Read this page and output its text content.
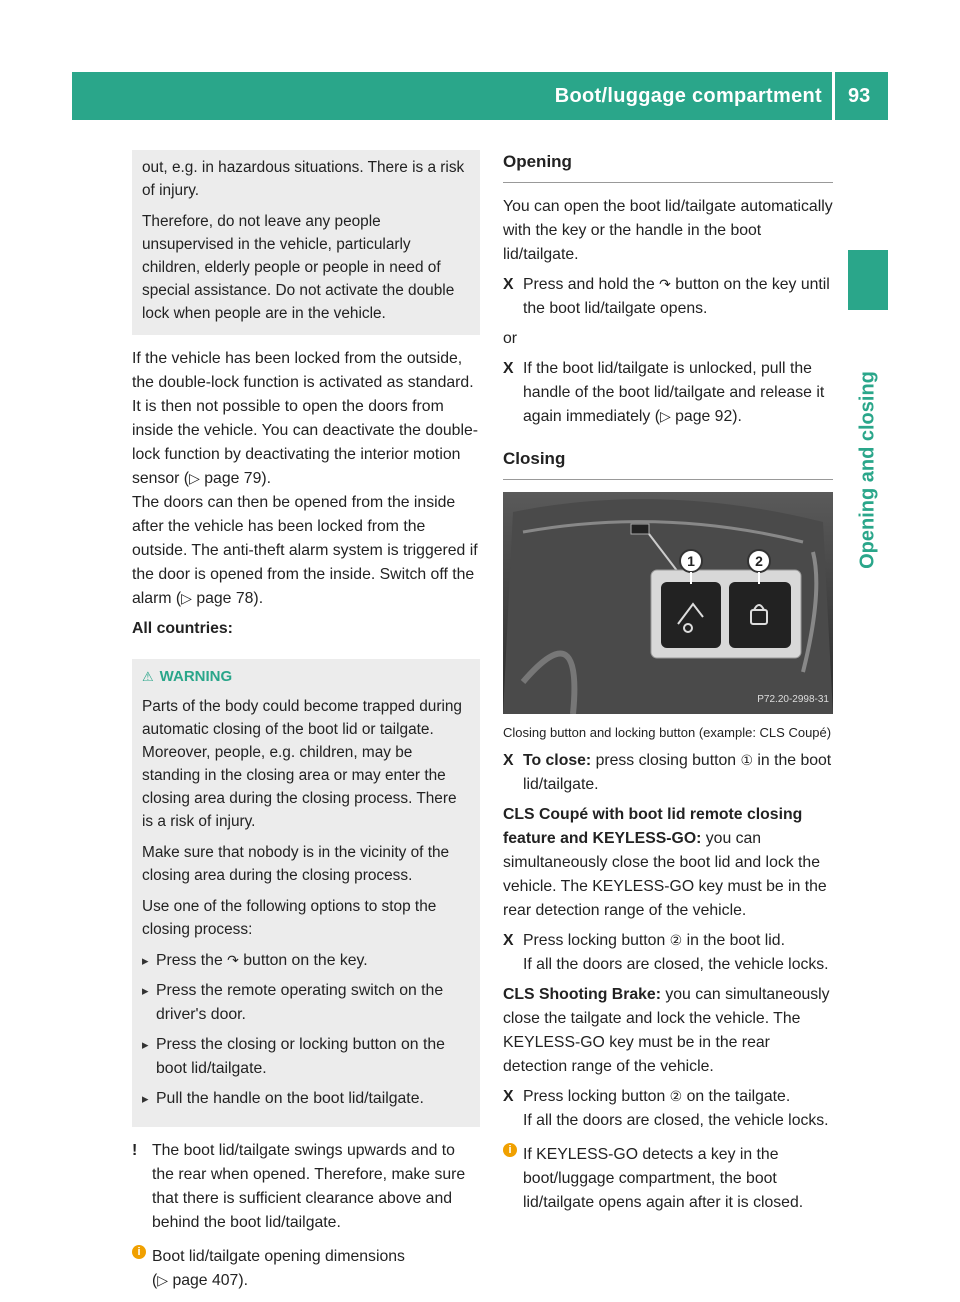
Boot/luggage compartment 93
Opening and closing

out, e.g. in hazardous situations. There is a risk of injury.

Therefore, do not leave any people unsupervised in the vehicle, particularly children, elderly people or people in need of special assistance. Do not activate the double lock when people are in the vehicle.

If the vehicle has been locked from the outside, the double-lock function is activated as standard. It is then not possible to open the doors from inside the vehicle. You can deactivate the double-lock function by deactivating the interior motion sensor (▷ page 79).

The doors can then be opened from the inside after the vehicle has been locked from the outside. The anti-theft alarm system is triggered if the door is opened from the inside. Switch off the alarm (▷ page 78).

All countries:

⚠ WARNING

Parts of the body could become trapped during automatic closing of the boot lid or tailgate. Moreover, people, e.g. children, may be standing in the closing area or may enter the closing area during the closing process. There is a risk of injury.

Make sure that nobody is in the vicinity of the closing area during the closing process.

Use one of the following options to stop the closing process:

▸ Press the ↷ button on the key.
▸ Press the remote operating switch on the driver's door.
▸ Press the closing or locking button on the boot lid/tailgate.
▸ Pull the handle on the boot lid/tailgate.
! The boot lid/tailgate swings upwards and to the rear when opened. Therefore, make sure that there is sufficient clearance above and behind the boot lid/tailgate.
i Boot lid/tailgate opening dimensions
(▷ page 407).
Opening

You can open the boot lid/tailgate automatically with the key or the handle in the boot lid/tailgate.

X Press and hold the ↷ button on the key until the boot lid/tailgate opens.

or

X If the boot lid/tailgate is unlocked, pull the handle of the boot lid/tailgate and release it again immediately (▷ page 92).
Closing
1	2
P72.20-2998-31

Closing button and locking button (example: CLS Coupé)

X To close: press closing button ① in the boot lid/tailgate.

CLS Coupé with boot lid remote closing feature and KEYLESS-GO: you can simultaneously close the boot lid and lock the vehicle. The KEYLESS-GO key must be in the rear detection range of the vehicle.

X Press locking button ② in the boot lid.
If all the doors are closed, the vehicle locks.

CLS Shooting Brake: you can simultaneously close the tailgate and lock the vehicle. The KEYLESS-GO key must be in the rear detection range of the vehicle.

X Press locking button ② on the tailgate.
If all the doors are closed, the vehicle locks.
i If KEYLESS-GO detects a key in the boot/luggage compartment, the boot lid/tailgate opens again after it is closed.
